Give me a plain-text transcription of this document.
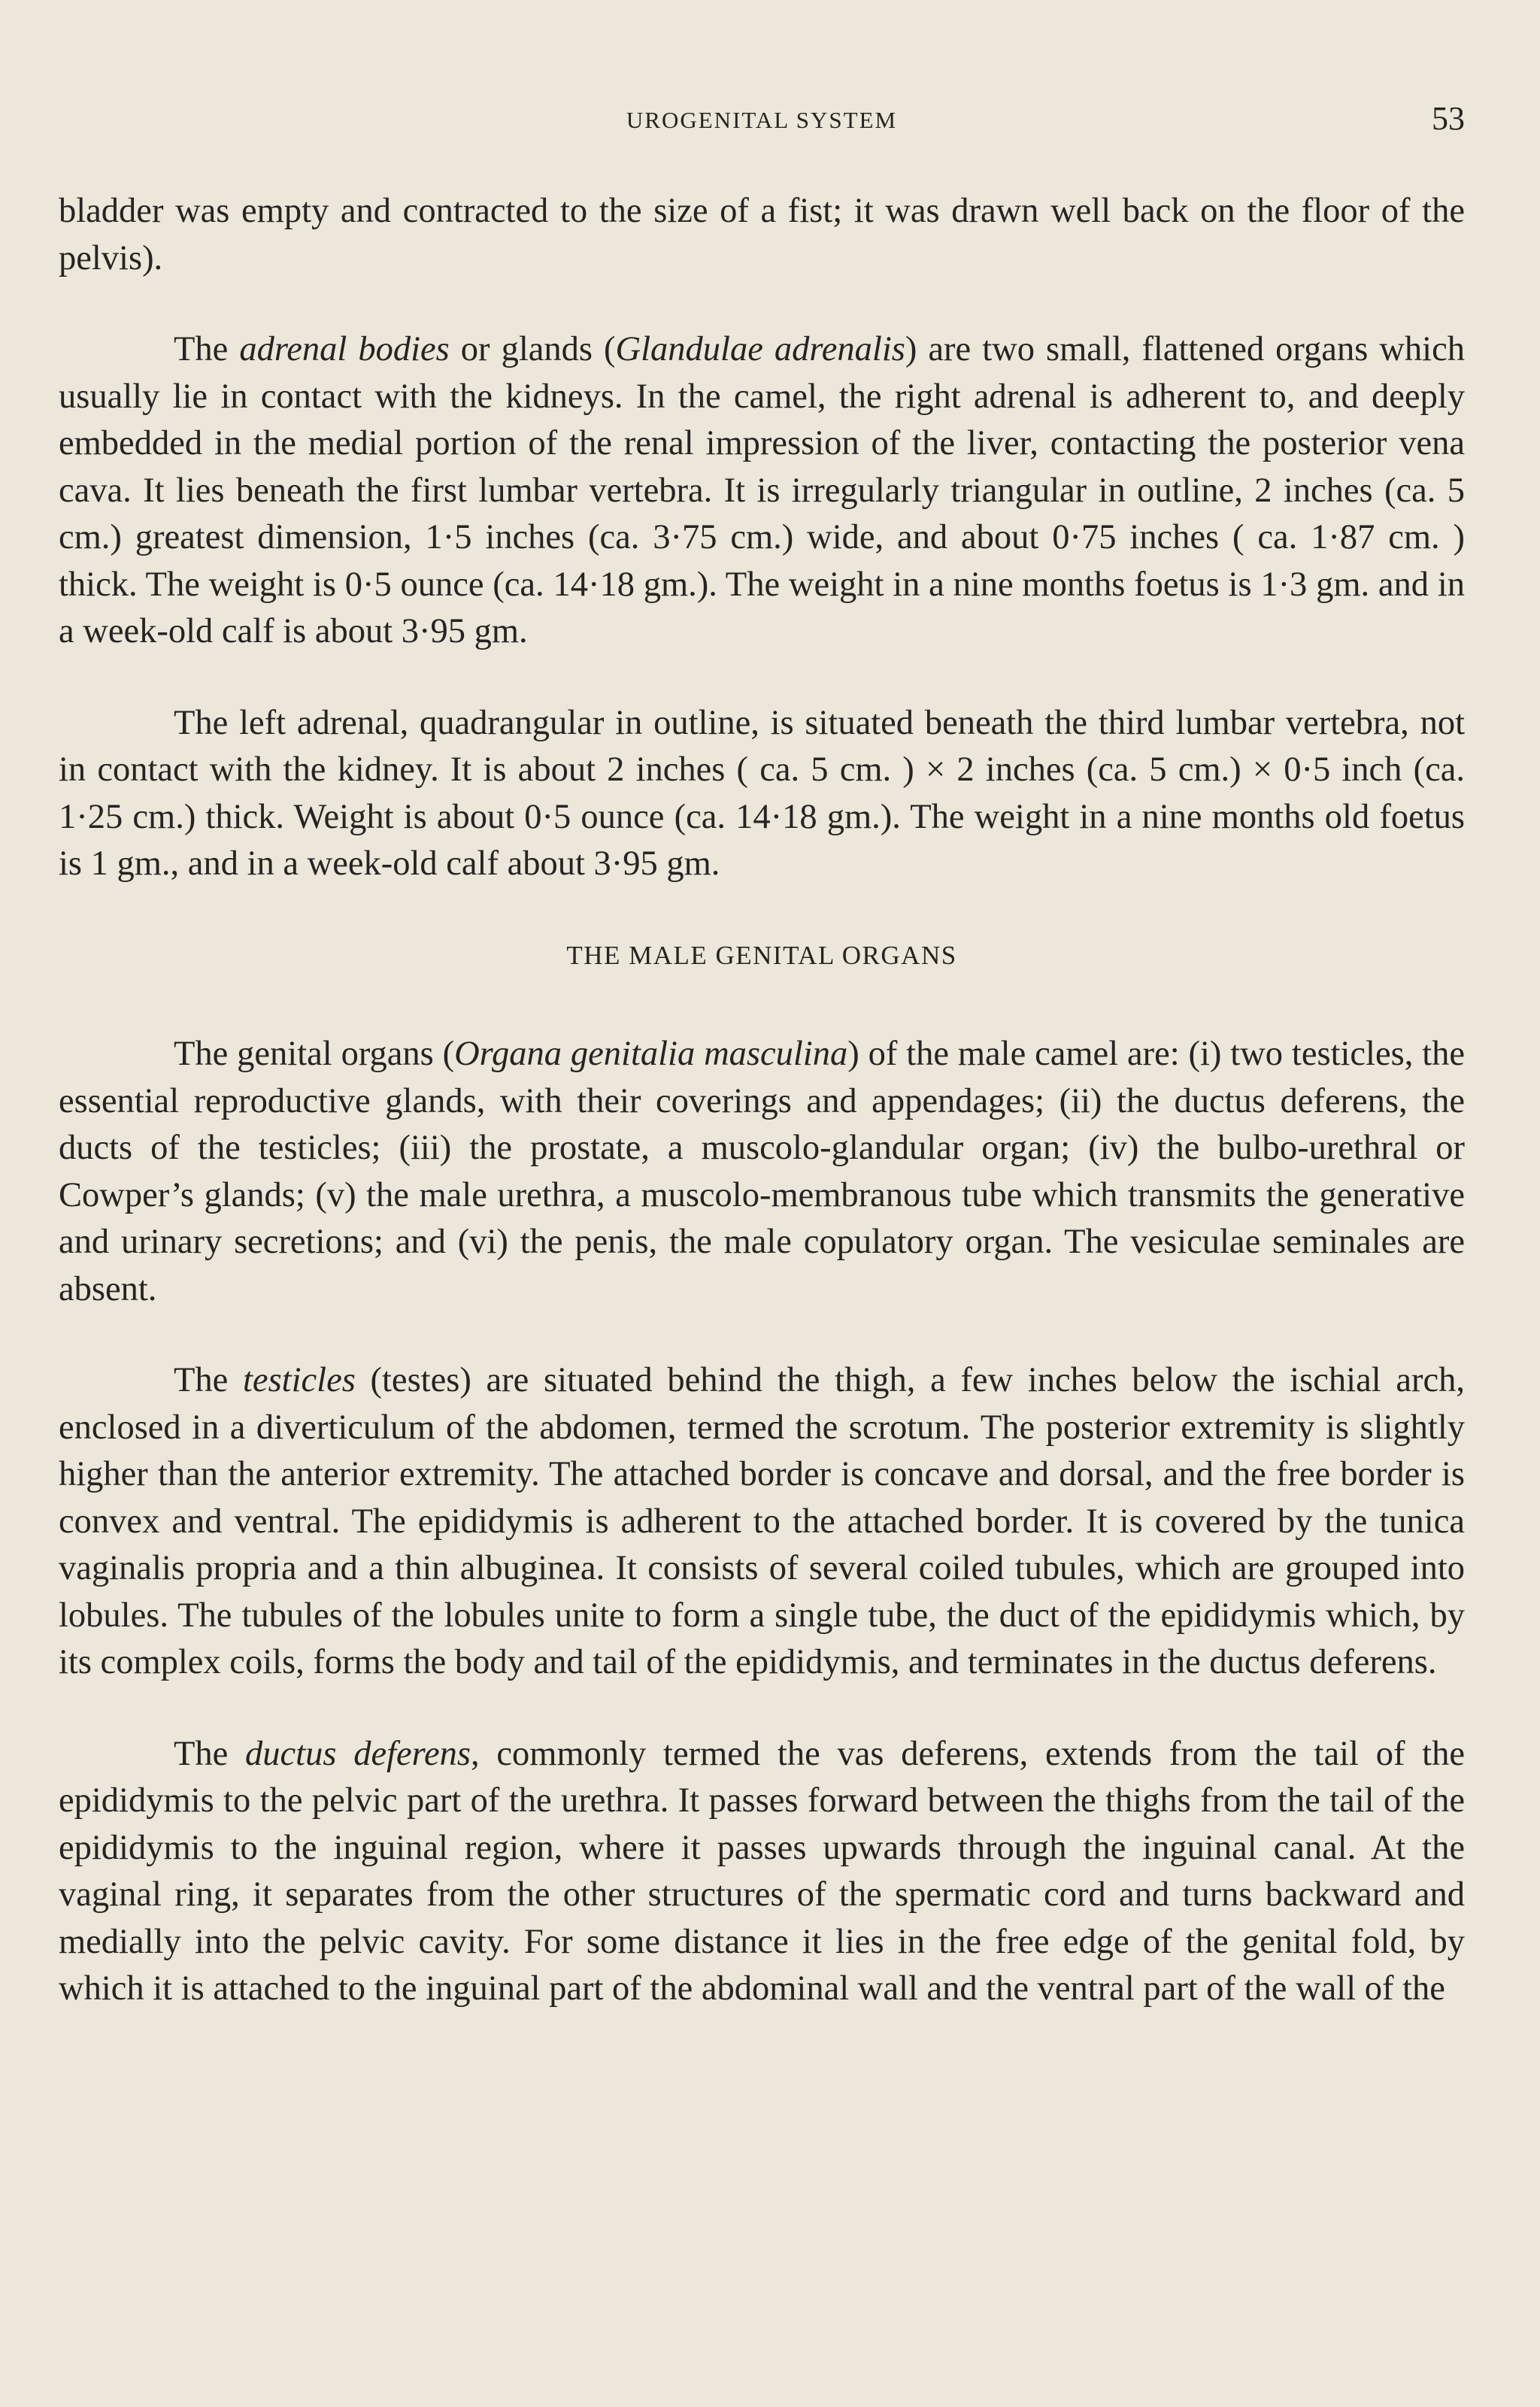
UROGENITAL SYSTEM	53

bladder was empty and contracted to the size of a fist; it was drawn well back on the floor of the pelvis).

The adrenal bodies or glands (Glandulae adrenalis) are two small, flattened organs which usually lie in contact with the kidneys. In the camel, the right adrenal is adherent to, and deeply embedded in the medial portion of the renal impression of the liver, contacting the posterior vena cava. It lies beneath the first lumbar vertebra. It is irregularly triangular in outline, 2 inches (ca. 5 cm.) greatest dimension, 1·5 inches (ca. 3·75 cm.) wide, and about 0·75 inches ( ca. 1·87 cm. ) thick. The weight is 0·5 ounce (ca. 14·18 gm.). The weight in a nine months foetus is 1·3 gm. and in a week-old calf is about 3·95 gm.

The left adrenal, quadrangular in outline, is situated beneath the third lumbar vertebra, not in contact with the kidney. It is about 2 inches ( ca. 5 cm. ) × 2 inches (ca. 5 cm.) × 0·5 inch (ca. 1·25 cm.) thick. Weight is about 0·5 ounce (ca. 14·18 gm.). The weight in a nine months old foetus is 1 gm., and in a week-old calf about 3·95 gm.

THE MALE GENITAL ORGANS

The genital organs (Organa genitalia masculina) of the male camel are: (i) two testicles, the essential reproductive glands, with their coverings and appendages; (ii) the ductus deferens, the ducts of the testicles; (iii) the prostate, a muscolo-glandular organ; (iv) the bulbo-urethral or Cowper’s glands; (v) the male urethra, a muscolo-membranous tube which transmits the generative and urinary secretions; and (vi) the penis, the male copulatory organ. The vesiculae seminales are absent.

The testicles (testes) are situated behind the thigh, a few inches below the ischial arch, enclosed in a diverticulum of the abdomen, termed the scrotum. The posterior extremity is slightly higher than the anterior extremity. The attached border is concave and dorsal, and the free border is convex and ventral. The epididymis is adherent to the attached border. It is covered by the tunica vaginalis propria and a thin albuginea. It consists of several coiled tubules, which are grouped into lobules. The tubules of the lobules unite to form a single tube, the duct of the epididymis which, by its complex coils, forms the body and tail of the epididymis, and terminates in the ductus deferens.

The ductus deferens, commonly termed the vas deferens, extends from the tail of the epididymis to the pelvic part of the urethra. It passes forward between the thighs from the tail of the epididymis to the inguinal region, where it passes upwards through the inguinal canal. At the vaginal ring, it separates from the other structures of the spermatic cord and turns backward and medially into the pelvic cavity. For some distance it lies in the free edge of the genital fold, by which it is attached to the inguinal part of the abdominal wall and the ventral part of the wall of the
